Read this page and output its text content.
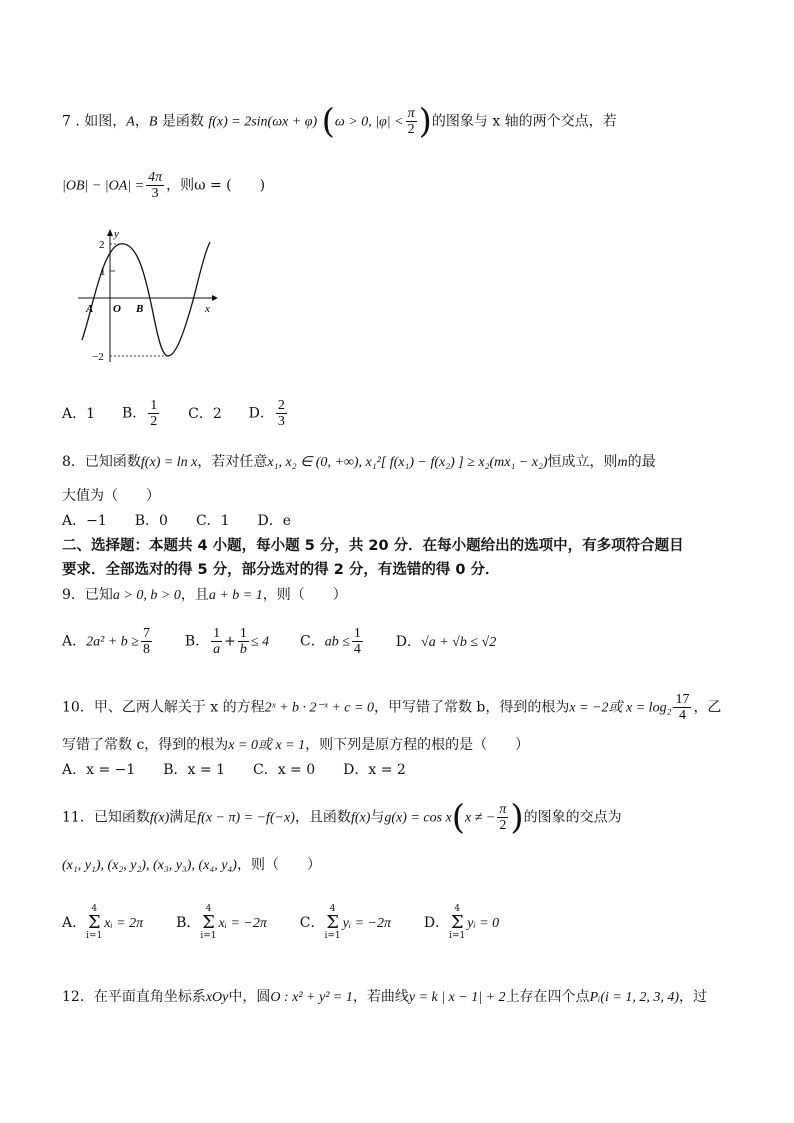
7 . 如图，A，B 是函数 f(x) = 2sin(ωx + φ) (ω > 0, $|\varphi| < \frac{\pi}{2}$ )的图象与 x 轴的两个交点，若
$|OB| - |OA| = \frac{4\pi}{3}$ ，则ω = (　　)
y
x
2
1
−2
A O B
A．1 B． $\frac{1}{2}$ C．2 D． $\frac{2}{3}$
8．已知函数f(x) = ln x，若对任意x₁, x₂ ∈ (0, +∞), x₁²[ f(x₁) − f(x₂) ] ≥ x₂(mx₁ − x₂)恒成立，则m的最
大值为（　　）
A．−1　　B．0　　C．1　　D．e
二、选择题：本题共 4 小题，每小题 5 分，共 20 分．在每小题给出的选项中，有多项符合题目
要求．全部选对的得 5 分，部分选对的得 2 分，有选错的得 0 分．
9．已知a > 0, b > 0，且a + b = 1，则（　　）
A．$2a^2 + b \ge \frac{7}{8}$ B． $\frac{1}{a} + \frac{1}{b} \le 4$ C．ab ≤ $\frac{1}{4}$ D．√a + √b ≤ √2
10．甲、乙两人解关于 x 的方程2ˣ + b · 2⁻ˣ + c = 0，甲写错了常数 b，得到的根为x = −2或 $x = \log_2 \frac{17}{4}$ ，乙
写错了常数 c，得到的根为x = 0或 x = 1，则下列是原方程的根的是（　　）
A．x = −1　　B．x = 1　　C．x = 0　　D．x = 2
11．已知函数f(x)满足f(x − π) = −f(−x)，且函数f(x)与g(x) = cos x(x ≠ − $\frac{\pi}{2}$ )的图象的交点为
(x₁, y₁), (x₂, y₂), (x₃, y₃), (x₄, y₄)，则（　　）
A．4
Σ
i=1xᵢ = 2π B．4
Σ
i=1xᵢ = −2π C．4
Σ
i=1yᵢ = −2π D．4
Σ
i=1yᵢ = 0
12．在平面直角坐标系xOy中，圆O : x² + y² = 1，若曲线y = k | x − 1| + 2上存在四个点Pᵢ(i = 1, 2, 3, 4)，过
